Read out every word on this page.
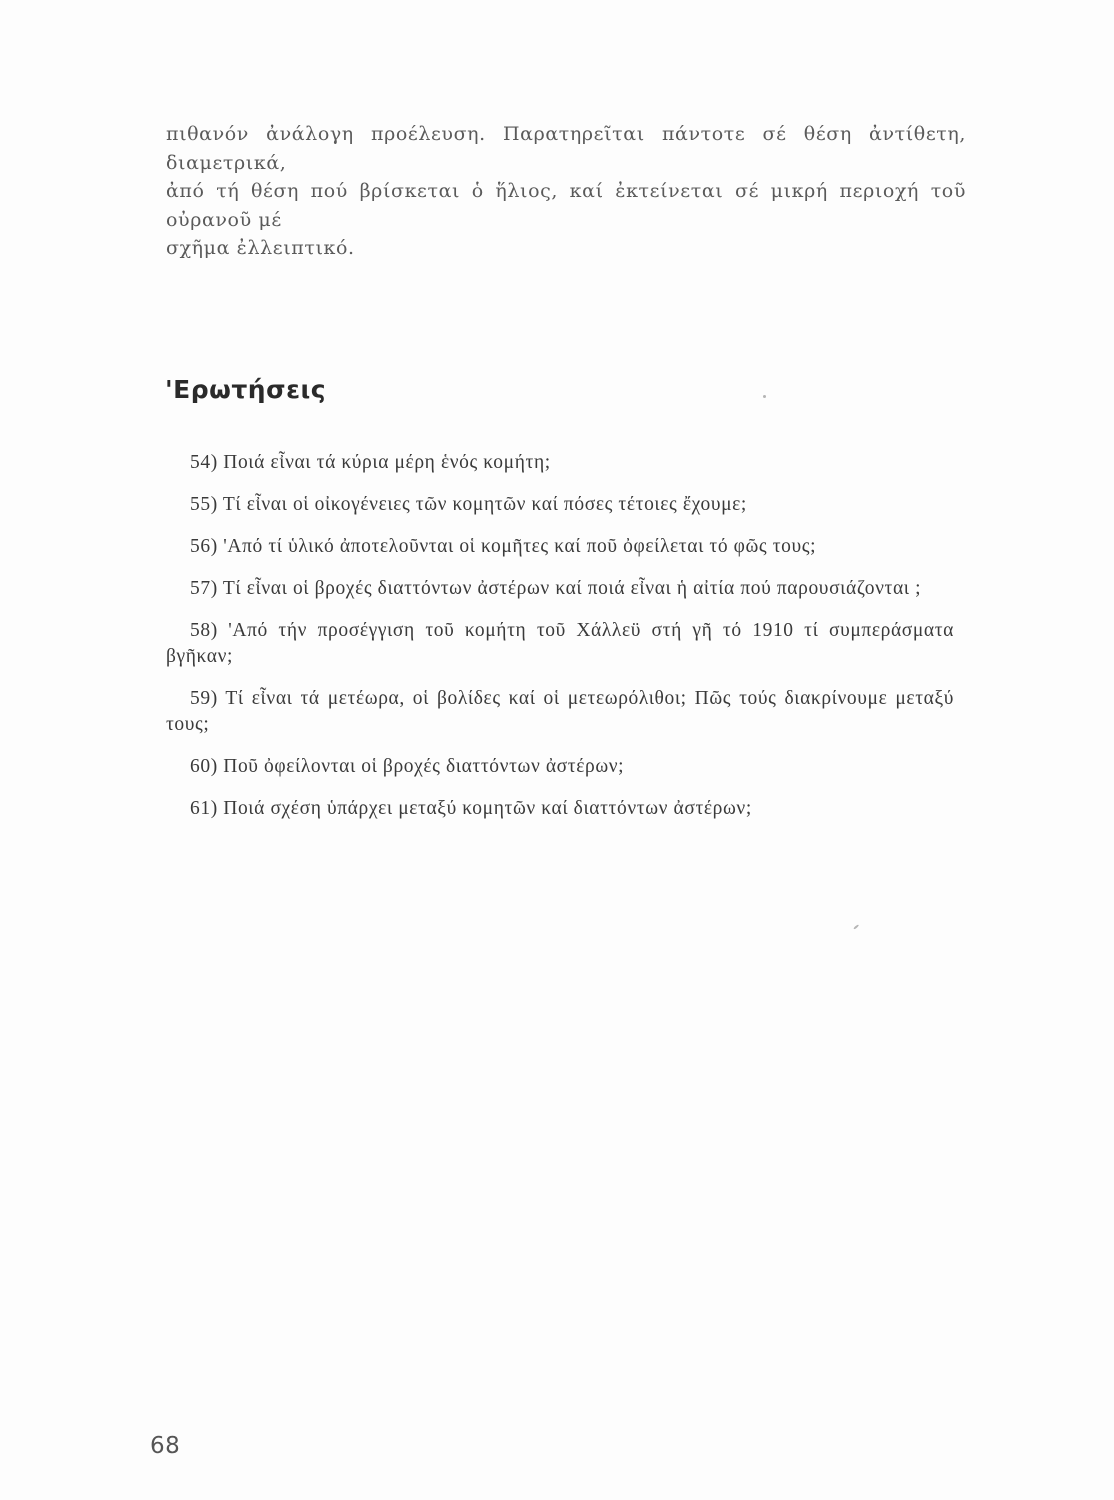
πιθανόν ἀνάλογη προέλευση. Παρατηρεῖται πάντοτε σέ θέση ἀντίθετη, διαμετρικά,
ἀπό τή θέση πού βρίσκεται ὁ ἥλιος, καί ἐκτείνεται σέ μικρή περιοχή τοῦ οὐρανοῦ μέ
σχῆμα ἐλλειπτικό.
'Ερωτήσεις
54) Ποιά εἶναι τά κύρια μέρη ἑνός κομήτη;
55) Τί εἶναι οἱ οἰκογένειες τῶν κομητῶν καί πόσες τέτοιες ἔχουμε;
56) 'Από τί ὑλικό ἀποτελοῦνται οἱ κομῆτες καί ποῦ ὀφείλεται τό φῶς τους;
57) Τί εἶναι οἱ βροχές διαττόντων ἀστέρων καί ποιά εἶναι ἡ αἰτία πού παρουσιάζονται ;
58) 'Από τήν προσέγγιση τοῦ κομήτη τοῦ Χάλλεϋ στή γῆ τό 1910 τί συμπεράσματα βγῆκαν;
59) Τί εἶναι τά μετέωρα, οἱ βολίδες καί οἱ μετεωρόλιθοι; Πῶς τούς διακρίνουμε μεταξύ τους;
60) Ποῦ ὀφείλονται οἱ βρoχές διαττόντων ἀστέρων;
61) Ποιά σχέση ὑπάρχει μεταξύ κομητῶν καί διαττόντων ἀστέρων;
68
